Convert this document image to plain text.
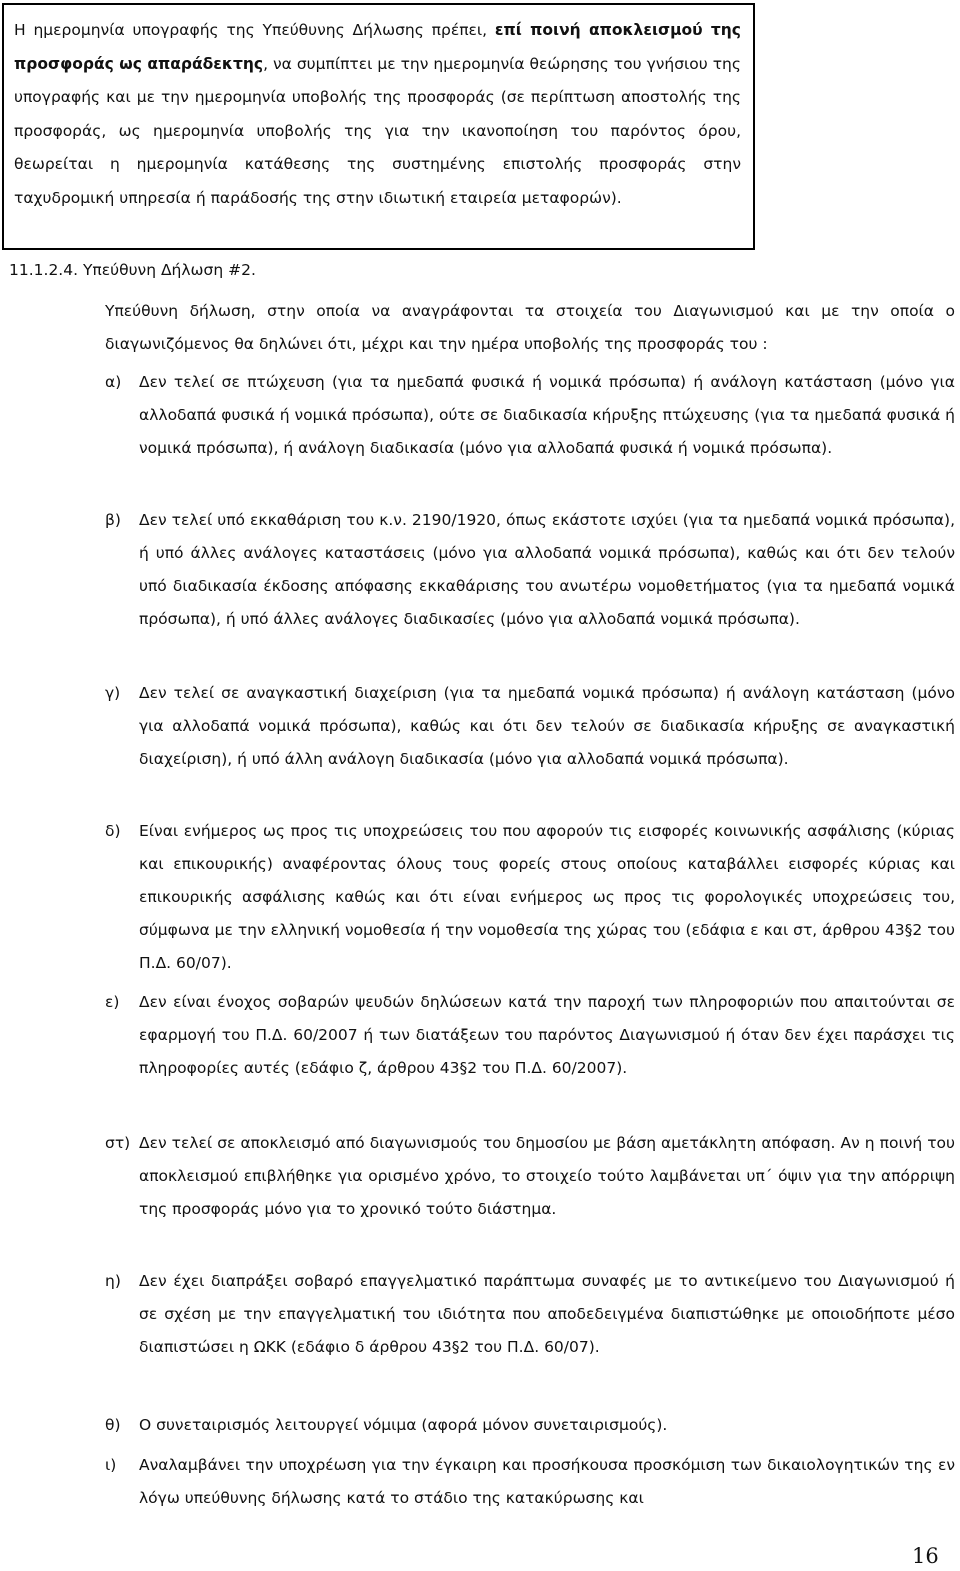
Η ημερομηνία υπογραφής της Υπεύθυνης Δήλωσης πρέπει, επί ποινή αποκλεισμού της προσφοράς ως απαράδεκτης, να συμπίπτει με την ημερομηνία θεώρησης του γνήσιου της υπογραφής και με την ημερομηνία υποβολής της προσφοράς (σε περίπτωση αποστολής της προσφοράς, ως ημερομηνία υποβολής της για την ικανοποίηση του παρόντος όρου, θεωρείται η ημερομηνία κατάθεσης της συστημένης επιστολής προσφοράς στην ταχυδρομική υπηρεσία ή παράδοσής της στην ιδιωτική εταιρεία μεταφορών).
11.1.2.4. Υπεύθυνη Δήλωση #2.
Υπεύθυνη δήλωση, στην οποία να αναγράφονται τα στοιχεία του Διαγωνισμού και με την οποία ο διαγωνιζόμενος θα δηλώνει ότι, μέχρι και την ημέρα υποβολής της προσφοράς του :
α)	Δεν τελεί σε πτώχευση (για τα ημεδαπά φυσικά ή νομικά πρόσωπα) ή ανάλογη κατάσταση (μόνο για αλλοδαπά φυσικά ή νομικά πρόσωπα), ούτε σε διαδικασία κήρυξης πτώχευσης (για τα ημεδαπά φυσικά ή νομικά πρόσωπα), ή ανάλογη διαδικασία (μόνο για αλλοδαπά φυσικά ή νομικά πρόσωπα).
β)	Δεν τελεί υπό εκκαθάριση του κ.ν. 2190/1920, όπως εκάστοτε ισχύει (για τα ημεδαπά νομικά πρόσωπα), ή υπό άλλες ανάλογες καταστάσεις (μόνο για αλλοδαπά νομικά πρόσωπα), καθώς και ότι δεν τελούν υπό διαδικασία έκδοσης απόφασης εκκαθάρισης του ανωτέρω νομοθετήματος (για τα ημεδαπά νομικά πρόσωπα), ή υπό άλλες ανάλογες διαδικασίες (μόνο για αλλοδαπά νομικά πρόσωπα).
γ)	Δεν τελεί σε αναγκαστική διαχείριση (για τα ημεδαπά νομικά πρόσωπα) ή ανάλογη κατάσταση (μόνο για αλλοδαπά νομικά πρόσωπα), καθώς και ότι δεν τελούν σε διαδικασία κήρυξης σε αναγκαστική διαχείριση), ή υπό άλλη ανάλογη διαδικασία (μόνο για αλλοδαπά νομικά πρόσωπα).
δ)	Είναι ενήμερος ως προς τις υποχρεώσεις του που αφορούν τις εισφορές κοινωνικής ασφάλισης (κύριας και επικουρικής) αναφέροντας όλους τους φορείς στους οποίους καταβάλλει εισφορές κύριας και επικουρικής ασφάλισης καθώς και ότι είναι ενήμερος ως προς τις φορολογικές υποχρεώσεις του, σύμφωνα με την ελληνική νομοθεσία ή την νομοθεσία της χώρας του (εδάφια ε και στ, άρθρου 43§2 του Π.Δ. 60/07).
ε)	Δεν είναι ένοχος σοβαρών ψευδών δηλώσεων κατά την παροχή των πληροφοριών που απαιτούνται σε εφαρμογή του Π.Δ. 60/2007 ή των διατάξεων του παρόντος Διαγωνισμού ή όταν δεν έχει παράσχει τις πληροφορίες αυτές (εδάφιο ζ, άρθρου 43§2 του Π.Δ. 60/2007).
στ) Δεν τελεί σε αποκλεισμό από διαγωνισμούς του δημοσίου με βάση αμετάκλητη απόφαση. Αν η ποινή του αποκλεισμού επιβλήθηκε για ορισμένο χρόνο, το στοιχείο τούτο λαμβάνεται υπ΄ όψιν για την απόρριψη της προσφοράς μόνο για το χρονικό τούτο διάστημα.
η)	Δεν έχει διαπράξει σοβαρό επαγγελματικό παράπτωμα συναφές με το αντικείμενο του Διαγωνισμού ή σε σχέση με την επαγγελματική του ιδιότητα που αποδεδειγμένα διαπιστώθηκε με οποιοδήποτε μέσο διαπιστώσει η ΩΚΚ (εδάφιο δ άρθρου 43§2 του Π.Δ. 60/07).
θ)	Ο συνεταιρισμός λειτουργεί νόμιμα (αφορά μόνον συνεταιρισμούς).
ι)	Αναλαμβάνει την υποχρέωση για την έγκαιρη και προσήκουσα προσκόμιση των δικαιολογητικών της εν λόγω υπεύθυνης δήλωσης κατά το στάδιο της κατακύρωσης και
16
